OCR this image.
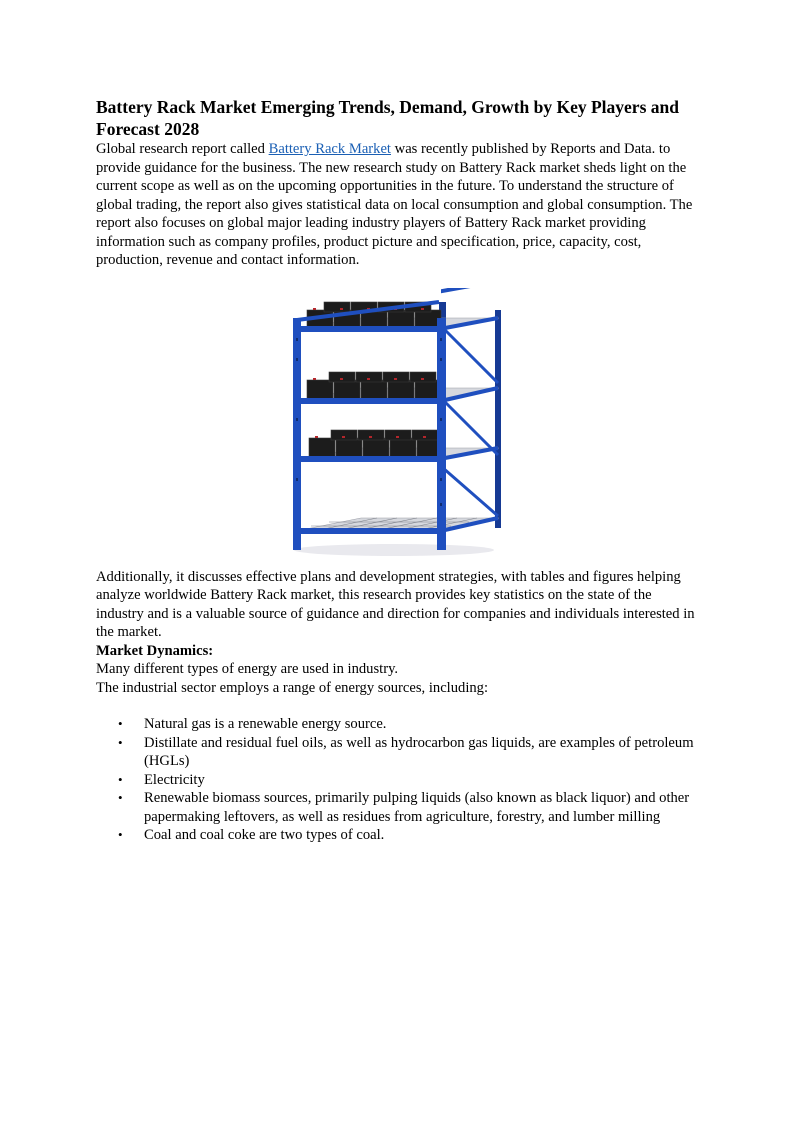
Battery Rack Market Emerging Trends, Demand, Growth by Key Players and Forecast 2028

Global research report called Battery Rack Market was recently published by Reports and Data. to provide guidance for the business. The new research study on Battery Rack market sheds light on the current scope as well as on the upcoming opportunities in the future. To understand the structure of global trading, the report also gives statistical data on local consumption and global consumption. The report also focuses on global major leading industry players of Battery Rack market providing information such as company profiles, product picture and specification, price, capacity, cost, production, revenue and contact information.

Additionally, it discusses effective plans and development strategies, with tables and figures helping analyze worldwide Battery Rack market, this research provides key statistics on the state of the industry and is a valuable source of guidance and direction for companies and individuals interested in the market.

Market Dynamics:

Many different types of energy are used in industry.

The industrial sector employs a range of energy sources, including:

• Natural gas is a renewable energy source.
• Distillate and residual fuel oils, as well as hydrocarbon gas liquids, are examples of petroleum (HGLs)
• Electricity
• Renewable biomass sources, primarily pulping liquids (also known as black liquor) and other papermaking leftovers, as well as residues from agriculture, forestry, and lumber milling
• Coal and coal coke are two types of coal.
